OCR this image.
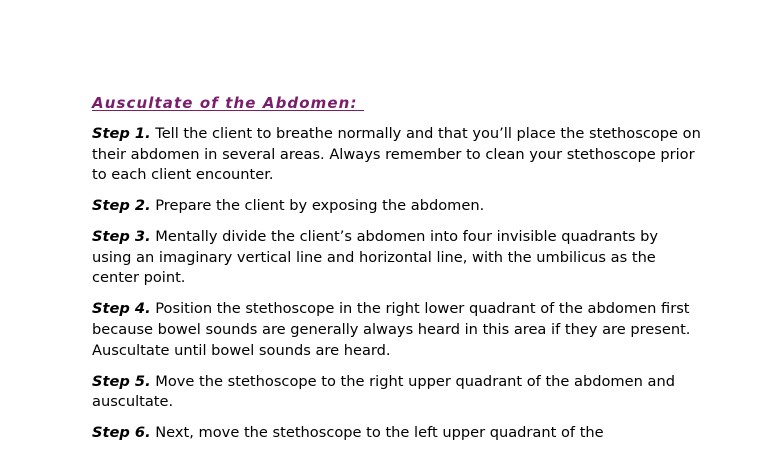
Auscultate of the Abdomen:

Step 1. Tell the client to breathe normally and that you’ll place the stethoscope on their abdomen in several areas. Always remember to clean your stethoscope prior to each client encounter.

Step 2. Prepare the client by exposing the abdomen.

Step 3. Mentally divide the client’s abdomen into four invisible quadrants by using an imaginary vertical line and horizontal line, with the umbilicus as the center point.

Step 4. Position the stethoscope in the right lower quadrant of the abdomen first because bowel sounds are generally always heard in this area if they are present. Auscultate until bowel sounds are heard.

Step 5. Move the stethoscope to the right upper quadrant of the abdomen and auscultate.

Step 6. Next, move the stethoscope to the left upper quadrant of the
